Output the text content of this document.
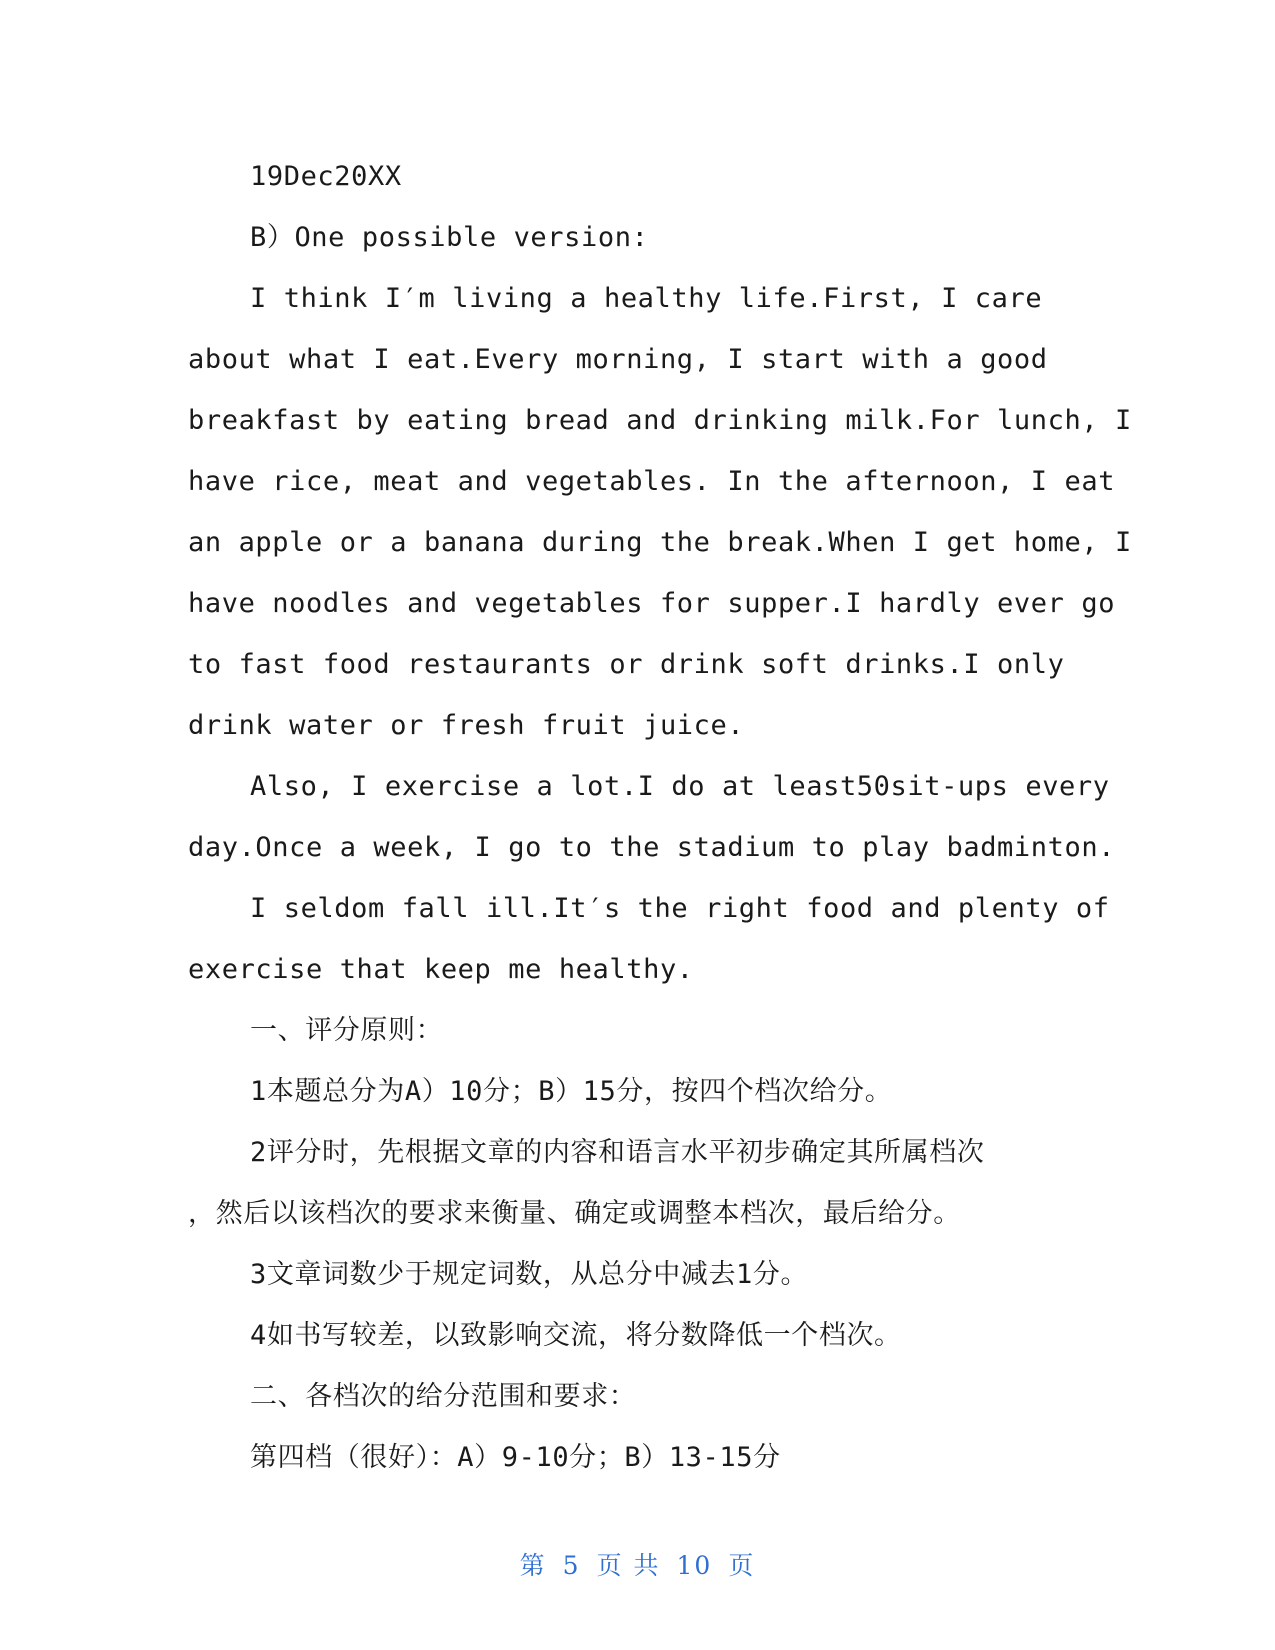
19Dec20XX
B）One possible version:
I think I′m living a healthy life.First, I care
about what I eat.Every morning, I start with a good
breakfast by eating bread and drinking milk.For lunch, I
have rice, meat and vegetables. In the afternoon, I eat
an apple or a banana during the break.When I get home, I
have noodles and vegetables for supper.I hardly ever go
to fast food restaurants or drink soft drinks.I only
drink water or fresh fruit juice.
Also, I exercise a lot.I do at least50sit-ups every
day.Once a week, I go to the stadium to play badminton.
I seldom fall ill.It′s the right food and plenty of
exercise that keep me healthy.
一、评分原则：
1本题总分为A）10分；B）15分，按四个档次给分。
2评分时，先根据文章的内容和语言水平初步确定其所属档次
，然后以该档次的要求来衡量、确定或调整本档次，最后给分。
3文章词数少于规定词数，从总分中减去1分。
4如书写较差，以致影响交流，将分数降低一个档次。
二、各档次的给分范围和要求：
第四档（很好）：A）9-10分；B）13-15分
第 5 页 共 10 页
